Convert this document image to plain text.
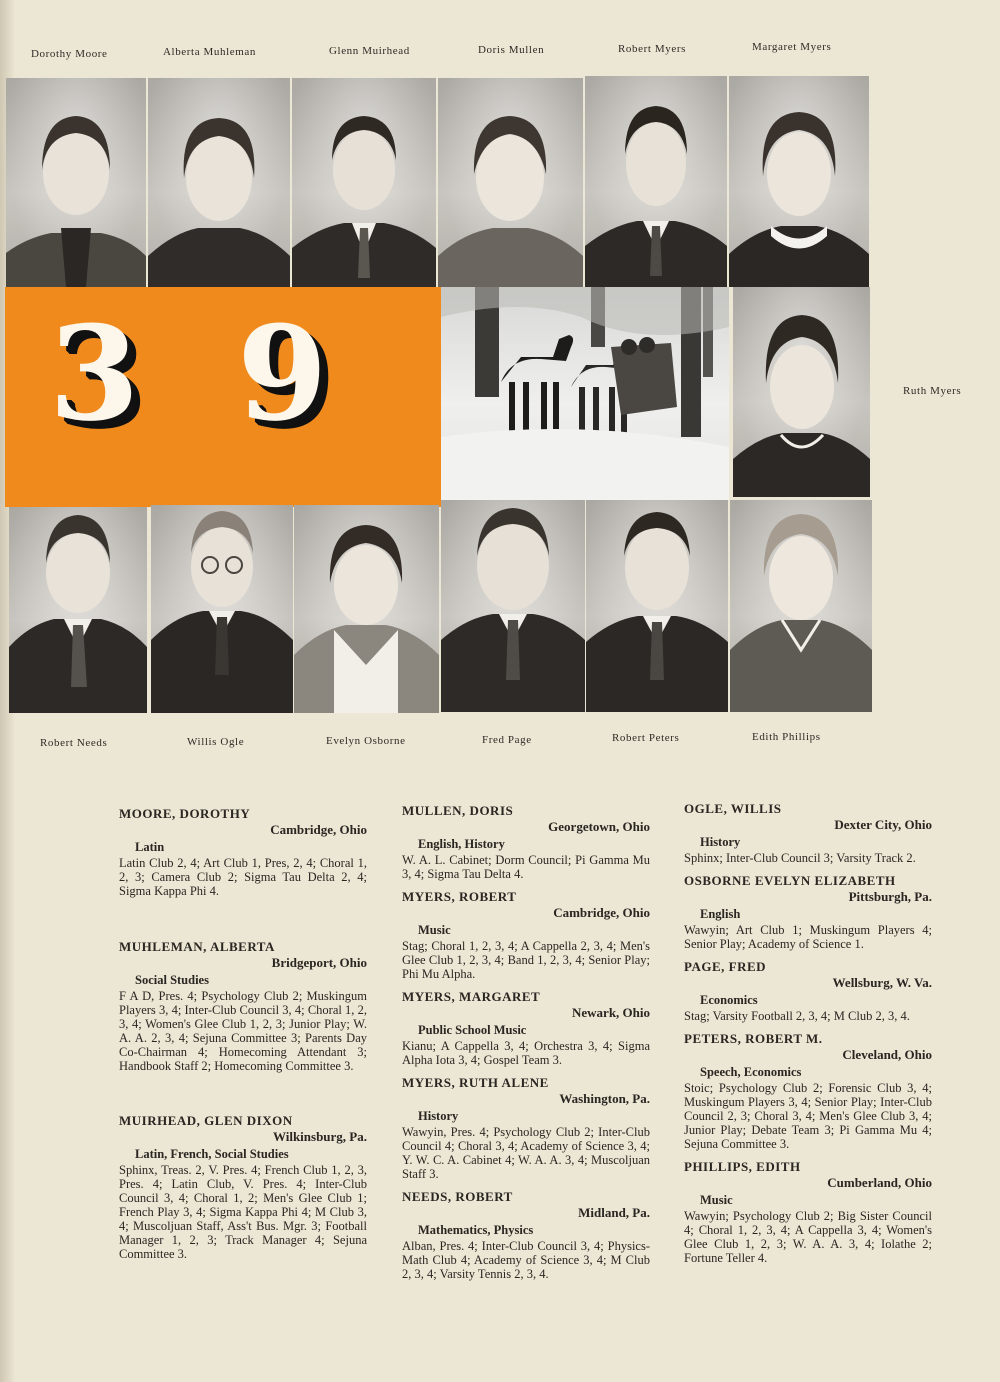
Dorothy Moore	Alberta Muhleman	Glenn Muirhead	Doris Mullen	Robert Myers	Margaret Myers
3 9	Ruth Myers
Robert Needs	Willis Ogle	Evelyn Osborne	Fred Page	Robert Peters	Edith Phillips
MOORE, DOROTHY
Cambridge, Ohio
Latin
Latin Club 2, 4; Art Club 1, Pres, 2, 4; Choral 1, 2, 3; Camera Club 2; Sigma Tau Delta 2, 4; Sigma Kappa Phi 4.
MUHLEMAN, ALBERTA
Bridgeport, Ohio
Social Studies
F A D, Pres. 4; Psychology Club 2; Muskingum Players 3, 4; Inter-Club Council 3, 4; Choral 1, 2, 3, 4; Women's Glee Club 1, 2, 3; Junior Play; W. A. A. 2, 3, 4; Sejuna Committee 3; Parents Day Co-Chairman 4; Homecoming Attendant 3; Handbook Staff 2; Homecoming Committee 3.
MUIRHEAD, GLEN DIXON
Wilkinsburg, Pa.
Latin, French, Social Studies
Sphinx, Treas. 2, V. Pres. 4; French Club 1, 2, 3, Pres. 4; Latin Club, V. Pres. 4; Inter-Club Council 3, 4; Choral 1, 2; Men's Glee Club 1; French Play 3, 4; Sigma Kappa Phi 4; M Club 3, 4; Muscoljuan Staff, Ass't Bus. Mgr. 3; Football Manager 1, 2, 3; Track Manager 4; Sejuna Committee 3.
MULLEN, DORIS
Georgetown, Ohio
English, History
W. A. L. Cabinet; Dorm Council; Pi Gamma Mu 3, 4; Sigma Tau Delta 4.
MYERS, ROBERT
Cambridge, Ohio
Music
Stag; Choral 1, 2, 3, 4; A Cappella 2, 3, 4; Men's Glee Club 1, 2, 3, 4; Band 1, 2, 3, 4; Senior Play; Phi Mu Alpha.
MYERS, MARGARET
Newark, Ohio
Public School Music
Kianu; A Cappella 3, 4; Orchestra 3, 4; Sigma Alpha Iota 3, 4; Gospel Team 3.
MYERS, RUTH ALENE
Washington, Pa.
History
Wawyin, Pres. 4; Psychology Club 2; Inter-Club Council 4; Choral 3, 4; Academy of Science 3, 4; Y. W. C. A. Cabinet 4; W. A. A. 3, 4; Muscoljuan Staff 3.
NEEDS, ROBERT
Midland, Pa.
Mathematics, Physics
Alban, Pres. 4; Inter-Club Council 3, 4; Physics-Math Club 4; Academy of Science 3, 4; M Club 2, 3, 4; Varsity Tennis 2, 3, 4.
OGLE, WILLIS
Dexter City, Ohio
History
Sphinx; Inter-Club Council 3; Varsity Track 2.
OSBORNE EVELYN ELIZABETH
Pittsburgh, Pa.
English
Wawyin; Art Club 1; Muskingum Players 4; Senior Play; Academy of Science 1.
PAGE, FRED
Wellsburg, W. Va.
Economics
Stag; Varsity Football 2, 3, 4; M Club 2, 3, 4.
PETERS, ROBERT M.
Cleveland, Ohio
Speech, Economics
Stoic; Psychology Club 2; Forensic Club 3, 4; Muskingum Players 3, 4; Senior Play; Inter-Club Council 2, 3; Choral 3, 4; Men's Glee Club 3, 4; Junior Play; Debate Team 3; Pi Gamma Mu 4; Sejuna Committee 3.
PHILLIPS, EDITH
Cumberland, Ohio
Music
Wawyin; Psychology Club 2; Big Sister Council 4; Choral 1, 2, 3, 4; A Cappella 3, 4; Women's Glee Club 1, 2, 3; W. A. A. 3, 4; Iolathe 2; Fortune Teller 4.
